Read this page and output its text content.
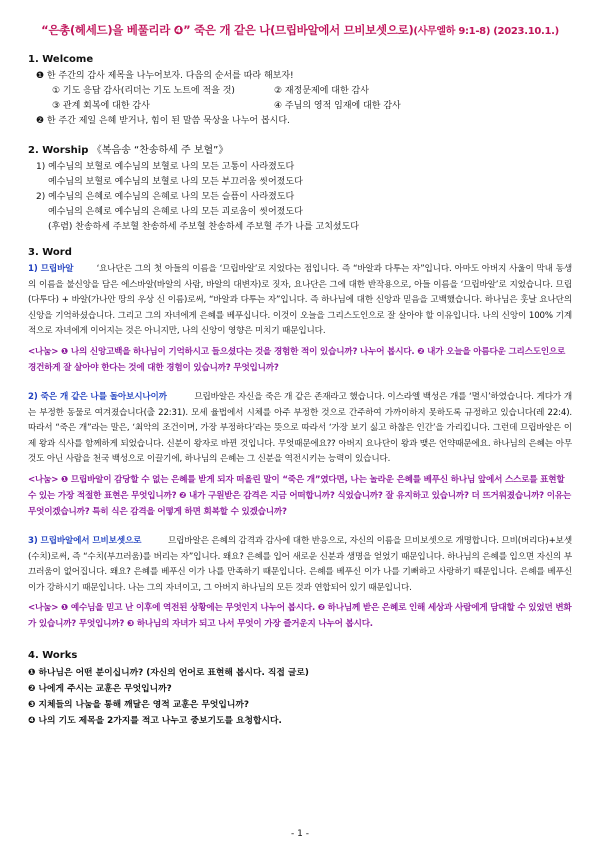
“은총(헤세드)을 베풀리라 ❹” 죽은 개 같은 나(므립바알에서 므비보셋으로)(사무엘하 9:1-8) (2023.10.1.)
1. Welcome
❶ 한 주간의 감사 제목을 나누어보자. 다음의 순서를 따라 해보자!
① 기도 응답 감사(리더는 기도 노트에 적을 것)	② 재정문제에 대한 감사
③ 관계 회복에 대한 감사	④ 주님의 영적 임재에 대한 감사
❷ 한 주간 제일 은혜 받거나, 힘이 된 말씀 묵상을 나누어 봅시다.
2. Worship 《복음송 “찬송하세 주 보혈”》
1) 예수님의 보혈로 예수님의 보혈로 나의 모든 고통이 사라졌도다
예수님의 보혈로 예수님의 보혈로 나의 모든 부끄러움 씻어졌도다
2) 예수님의 은혜로 예수님의 은혜로 나의 모든 슬픔이 사라졌도다
예수님의 은혜로 예수님의 은혜로 나의 모든 괴로움이 씻어졌도다
(후렴) 찬송하세 주보혈 찬송하세 주보혈 찬송하세 주보혈 주가 나를 고치셨도다
3. Word
1) 므립바알	‘요나단은 그의 첫 아들의 이름을 ‘므립바알’로 지었다는 점입니다. 즉 “바알과 다투는 자”입니다. 아마도 아버지 사울이 막내 동생의 이름을 불신앙을 담은 에스바알(바알의 사람, 바알의 대변자)로 짓자, 요나단은 그에 대한 반작용으로, 아들 이름을 ‘므립바알’로 지었습니다. 므립(다투다) + 바알(가나안 땅의 우상 신 이름)로써, “바알과 다투는 자”입니다. 즉 하나님에 대한 신앙과 믿음을 고백했습니다. 하나님은 훗날 요나단의 신앙을 기억하셨습니다. 그리고 그의 자녀에게 은혜를 베푸십니다. 이것이 오늘을 그리스도인으로 잘 살아야 할 이유입니다. 나의 신앙이 100% 기계적으로 자녀에게 이어지는 것은 아니지만, 나의 신앙이 영향은 미치기 때문입니다.
<나눔> ❶ 나의 신앙고백을 하나님이 기억하시고 들으셨다는 것을 경험한 적이 있습니까? 나누어 봅시다. ❷ 내가 오늘을 아름다운 그리스도인으로 경건하게 잘 살아야 한다는 것에 대한 경험이 있습니까? 무엇입니까?
2) 죽은 개 같은 나를 돌아보시나이까	므립바알은 자신을 죽은 개 같은 존재라고 했습니다. 이스라엘 백성은 개를 ‘멸시’하였습니다. 게다가 개는 부정한 동물로 여겨졌습니다(출 22:31). 모세 율법에서 시체를 아주 부정한 것으로 간주하여 가까이하지 못하도록 규정하고 있습니다(레 22:4). 따라서 “죽은 개”라는 말은, ‘최악의 조건이며, 가장 부정하다’라는 뜻으로 따라서 ‘가장 보기 싫고 하찮은 인간’을 가리킵니다. 그런데 므립바알은 이제 왕과 식사를 함께하게 되었습니다. 신분이 왕자로 바뀐 것입니다. 무엇때문에요?? 아버지 요나단이 왕과 맺은 언약때문에요. 하나님의 은혜는 아무것도 아닌 사람을 천국 백성으로 이끌기에, 하나님의 은혜는 그 신분을 역전시키는 능력이 있습니다.
<나눔> ❶ 므립바알이 감당할 수 없는 은혜를 받게 되자 떠올린 말이 “죽은 개”였다면, 나는 놀라운 은혜를 베푸신 하나님 앞에서 스스로를 표현할 수 있는 가장 적절한 표현은 무엇입니까? ❷ 내가 구원받은 감격은 지금 어떠합니까? 식었습니까? 잘 유지하고 있습니까? 더 뜨거워졌습니까? 이유는 무엇이겠습니까? 특히 식은 감격을 어떻게 하면 회복할 수 있겠습니까?
3) 므립바알에서 므비보셋으로	므립바알은 은혜의 감격과 감사에 대한 반응으로, 자신의 이름을 므비보셋으로 개명합니다. 므비(버리다)+보셋(수치)로써, 즉 “수치(부끄러움)를 버리는 자”입니다. 왜요? 은혜를 입어 새로운 신분과 생명을 얻었기 때문입니다. 하나님의 은혜를 입으면 자신의 부끄러움이 없어집니다. 왜요? 은혜를 베푸신 이가 나를 만족하기 때문입니다. 은혜를 베푸신 이가 나를 기뻐하고 사랑하기 때문입니다. 은혜를 베푸신 이가 강하시기 때문입니다. 나는 그의 자녀이고, 그 아버지 하나님의 모든 것과 연합되어 있기 때문입니다.
<나눔> ❶ 예수님을 믿고 난 이후에 역전된 상황에는 무엇인지 나누어 봅시다. ❷ 하나님께 받은 은혜로 인해 세상과 사람에게 담대할 수 있었던 변화가 있습니까? 무엇입니까? ❸ 하나님의 자녀가 되고 나서 무엇이 가장 즐거운지 나누어 봅시다.
4. Works
❶ 하나님은 어떤 분이십니까? (자신의 언어로 표현해 봅시다. 직접 글로)
❷ 나에게 주시는 교훈은 무엇입니까?
❸ 지체들의 나눔을 통해 깨달은 영적 교훈은 무엇입니까?
❹ 나의 기도 제목을 2가지를 적고 나누고 중보기도를 요청합시다.
- 1 -
